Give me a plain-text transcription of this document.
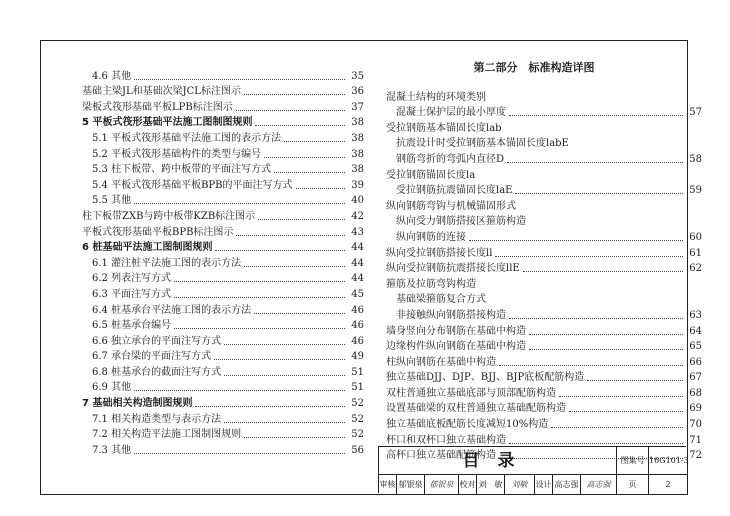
4.6 其他	35
基础主梁JL和基础次梁JCL标注图示	36
梁板式筏形基础平板LPB标注图示	37
5 平板式筏形基础平法施工图制图规则	38
5.1 平板式筏形基础平法施工图的表示方法	38
5.2 平板式筏形基础构件的类型与编号	38
5.3 柱下板带、跨中板带的平面注写方式	38
5.4 平板式筏形基础平板BPB的平面注写方式	39
5.5 其他	40
柱下板带ZXB与跨中板带KZB标注图示	42
平板式筏形基础平板BPB标注图示	43
6 桩基础平法施工图制图规则	44
6.1 灌注桩平法施工图的表示方法	44
6.2 列表注写方式	44
6.3 平面注写方式	45
6.4 桩基承台平法施工图的表示方法	46
6.5 桩基承台编号	46
6.6 独立承台的平面注写方式	46
6.7 承台梁的平面注写方式	49
6.8 桩基承台的截面注写方式	51
6.9 其他	51
7 基础相关构造制图规则	52
7.1 相关构造类型与表示方法	52
7.2 相关构造平法施工图制图规则	52
7.3 其他	56
第二部分　标准构造详图
混凝土结构的环境类别
混凝土保护层的最小厚度	57
受拉钢筋基本锚固长度lab
抗震设计时受拉钢筋基本锚固长度labE
钢筋弯折的弯弧内直径D	58
受拉钢筋锚固长度la
受拉钢筋抗震锚固长度laE	59
纵向钢筋弯钩与机械锚固形式
纵向受力钢筋搭接区箍筋构造
纵向钢筋的连接	60
纵向受拉钢筋搭接长度ll	61
纵向受拉钢筋抗震搭接长度llE	62
箍筋及拉筋弯钩构造
基础梁箍筋复合方式
非接触纵向钢筋搭接构造	63
墙身竖向分布钢筋在基础中构造	64
边缘构件纵向钢筋在基础中构造	65
柱纵向钢筋在基础中构造	66
独立基础DJJ、DJP、BJJ、BJP底板配筋构造	67
双柱普通独立基础底部与顶部配筋构造	68
设置基础梁的双柱普通独立基础配筋构造	69
独立基础底板配筋长度减短10%构造	70
杯口和双杯口独立基础构造	71
高杯口独立基础配筋构造	72
目录	图集号 16G101-3
审核 郁银泉 郁银泉 校对 刘　敏	刘敏	设计 高志强	高志强	页	2
